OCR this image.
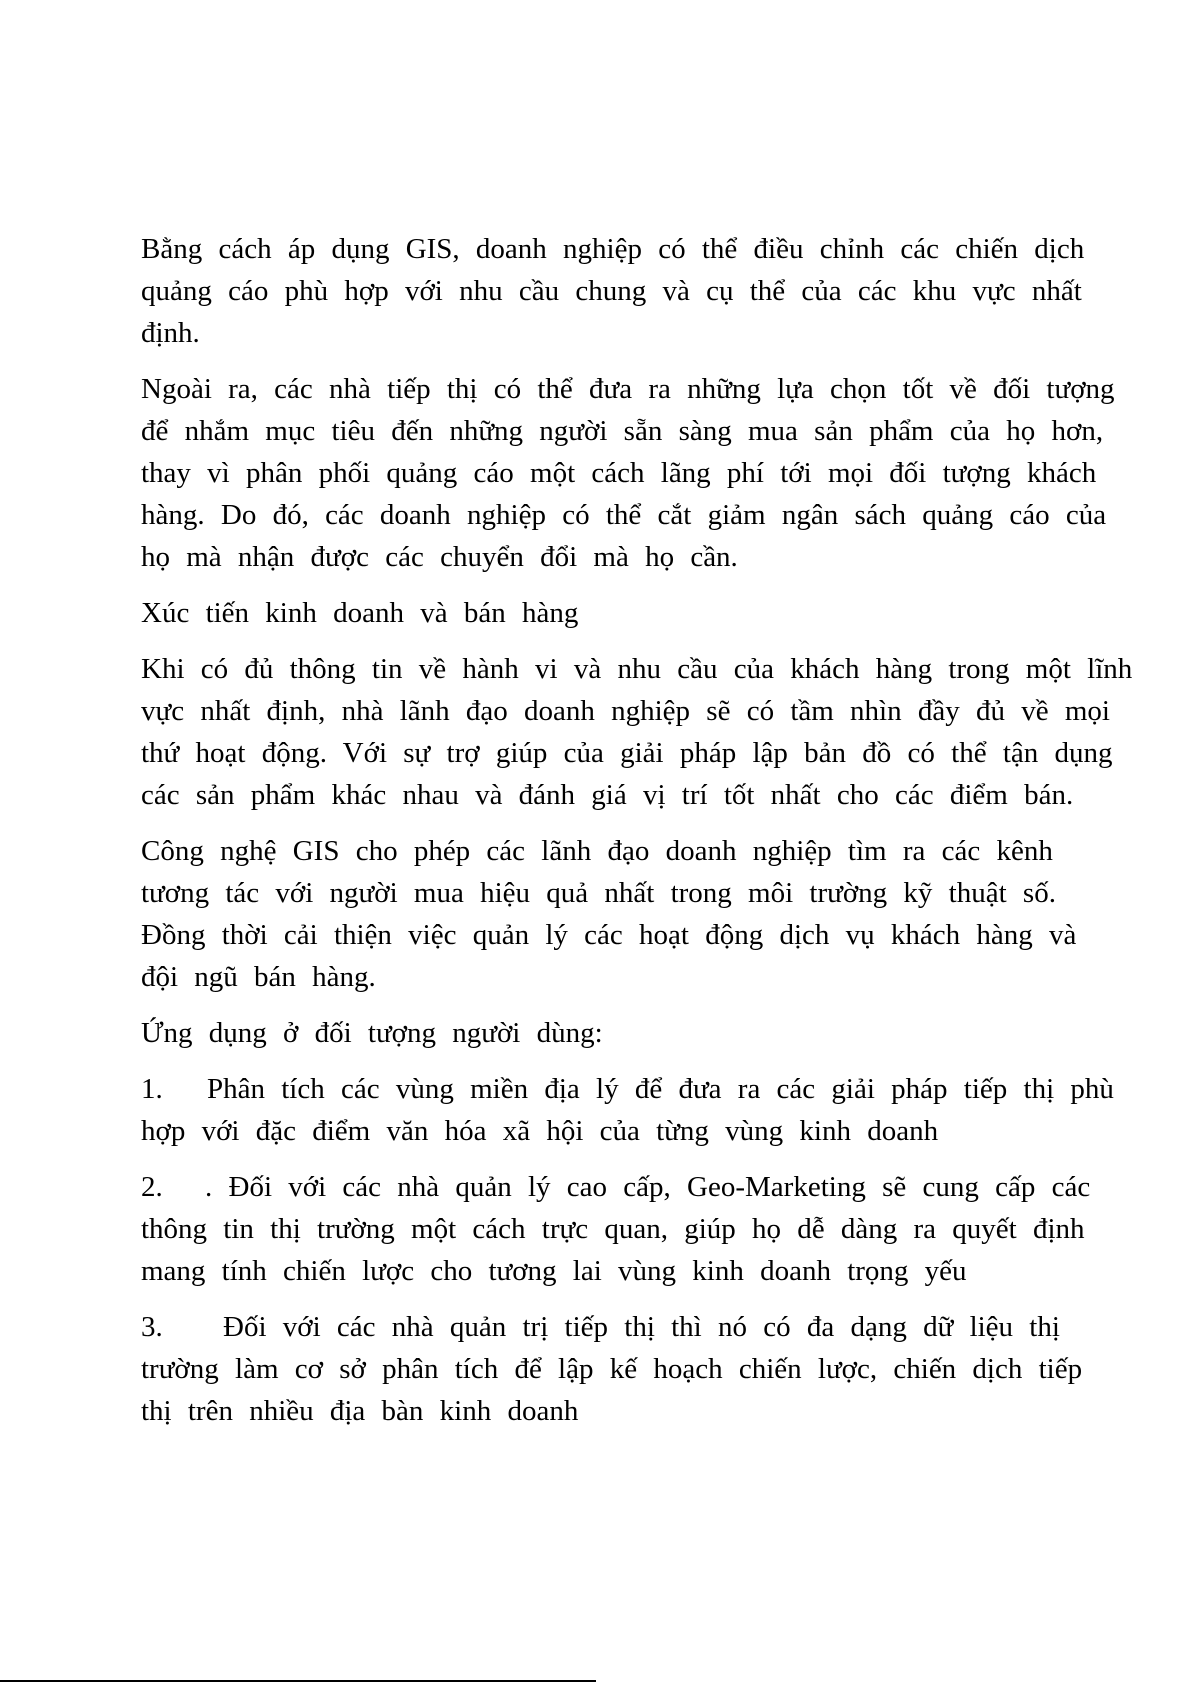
Bằng cách áp dụng GIS, doanh nghiệp có thể điều chỉnh các chiến dịch
quảng cáo phù hợp với nhu cầu chung và cụ thể của các khu vực nhất
định.
Ngoài ra, các nhà tiếp thị có thể đưa ra những lựa chọn tốt về đối tượng
để nhắm mục tiêu đến những người sẵn sàng mua sản phẩm của họ hơn,
thay vì phân phối quảng cáo một cách lãng phí tới mọi đối tượng khách
hàng. Do đó, các doanh nghiệp có thể cắt giảm ngân sách quảng cáo của
họ mà nhận được các chuyển đổi mà họ cần.
Xúc tiến kinh doanh và bán hàng
Khi có đủ thông tin về hành vi và nhu cầu của khách hàng trong một lĩnh
vực nhất định, nhà lãnh đạo doanh nghiệp sẽ có tầm nhìn đầy đủ về mọi
thứ hoạt động. Với sự trợ giúp của giải pháp lập bản đồ có thể tận dụng
các sản phẩm khác nhau và đánh giá vị trí tốt nhất cho các điểm bán.
Công nghệ GIS cho phép các lãnh đạo doanh nghiệp tìm ra các kênh
tương tác với người mua hiệu quả nhất trong môi trường kỹ thuật số.
Đồng thời cải thiện việc quản lý các hoạt động dịch vụ khách hàng và
đội ngũ bán hàng.
Ứng dụng ở đối tượng người dùng:
1. Phân tích các vùng miền địa lý để đưa ra các giải pháp tiếp thị phù
hợp với đặc điểm văn hóa xã hội của từng vùng kinh doanh
2. . Đối với các nhà quản lý cao cấp, Geo-Marketing sẽ cung cấp các
thông tin thị trường một cách trực quan, giúp họ dễ dàng ra quyết định
mang tính chiến lược cho tương lai vùng kinh doanh trọng yếu
3. Đối với các nhà quản trị tiếp thị thì nó có đa dạng dữ liệu thị
trường làm cơ sở phân tích để lập kế hoạch chiến lược, chiến dịch tiếp
thị trên nhiều địa bàn kinh doanh
